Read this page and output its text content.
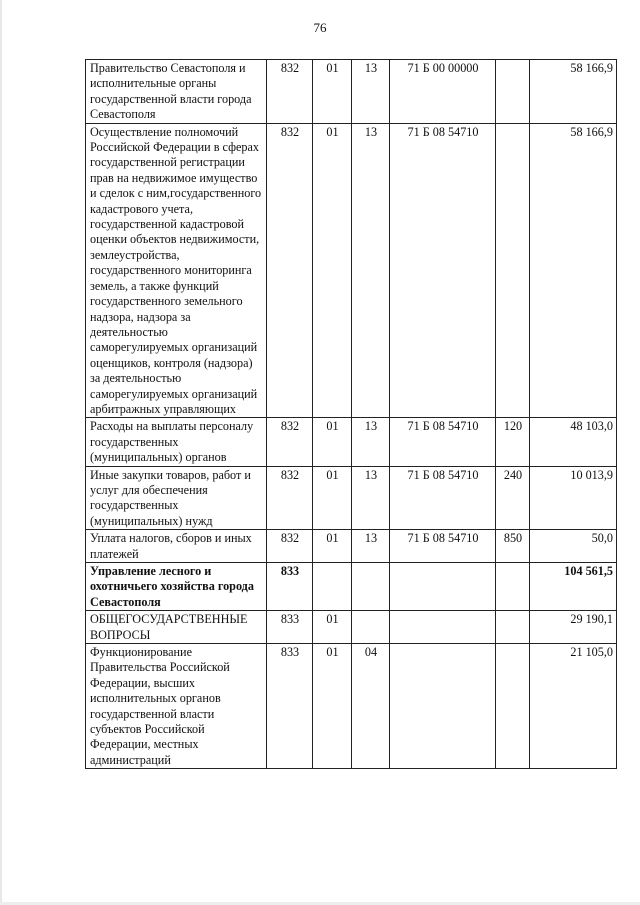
76
Правительство Севастополя и исполнительные органы государственной власти города Севастополя	832	01	13	71 Б 00 00000		58 166,9
Осуществление полномочий Российской Федерации в сферах государственной регистрации прав на недвижимое имущество и сделок с ним,государственного кадастрового учета, государственной кадастровой оценки объектов недвижимости, землеустройства, государственного мониторинга земель, а также функций государственного земельного надзора, надзора за деятельностью саморегулируемых организаций оценщиков, контроля (надзора) за деятельностью саморегулируемых организаций арбитражных управляющих	832	01	13	71 Б 08 54710		58 166,9
Расходы на выплаты персоналу государственных (муниципальных) органов	832	01	13	71 Б 08 54710	120	48 103,0
Иные закупки товаров, работ и услуг для обеспечения государственных (муниципальных) нужд	832	01	13	71 Б 08 54710	240	10 013,9
Уплата налогов, сборов и иных платежей	832	01	13	71 Б 08 54710	850	50,0
Управление лесного и охотничьего хозяйства города Севастополя	833					104 561,5
ОБЩЕГОСУДАРСТВЕННЫЕ ВОПРОСЫ	833	01				29 190,1
Функционирование Правительства Российской Федерации, высших исполнительных органов государственной власти субъектов Российской Федерации, местных администраций	833	01	04			21 105,0
